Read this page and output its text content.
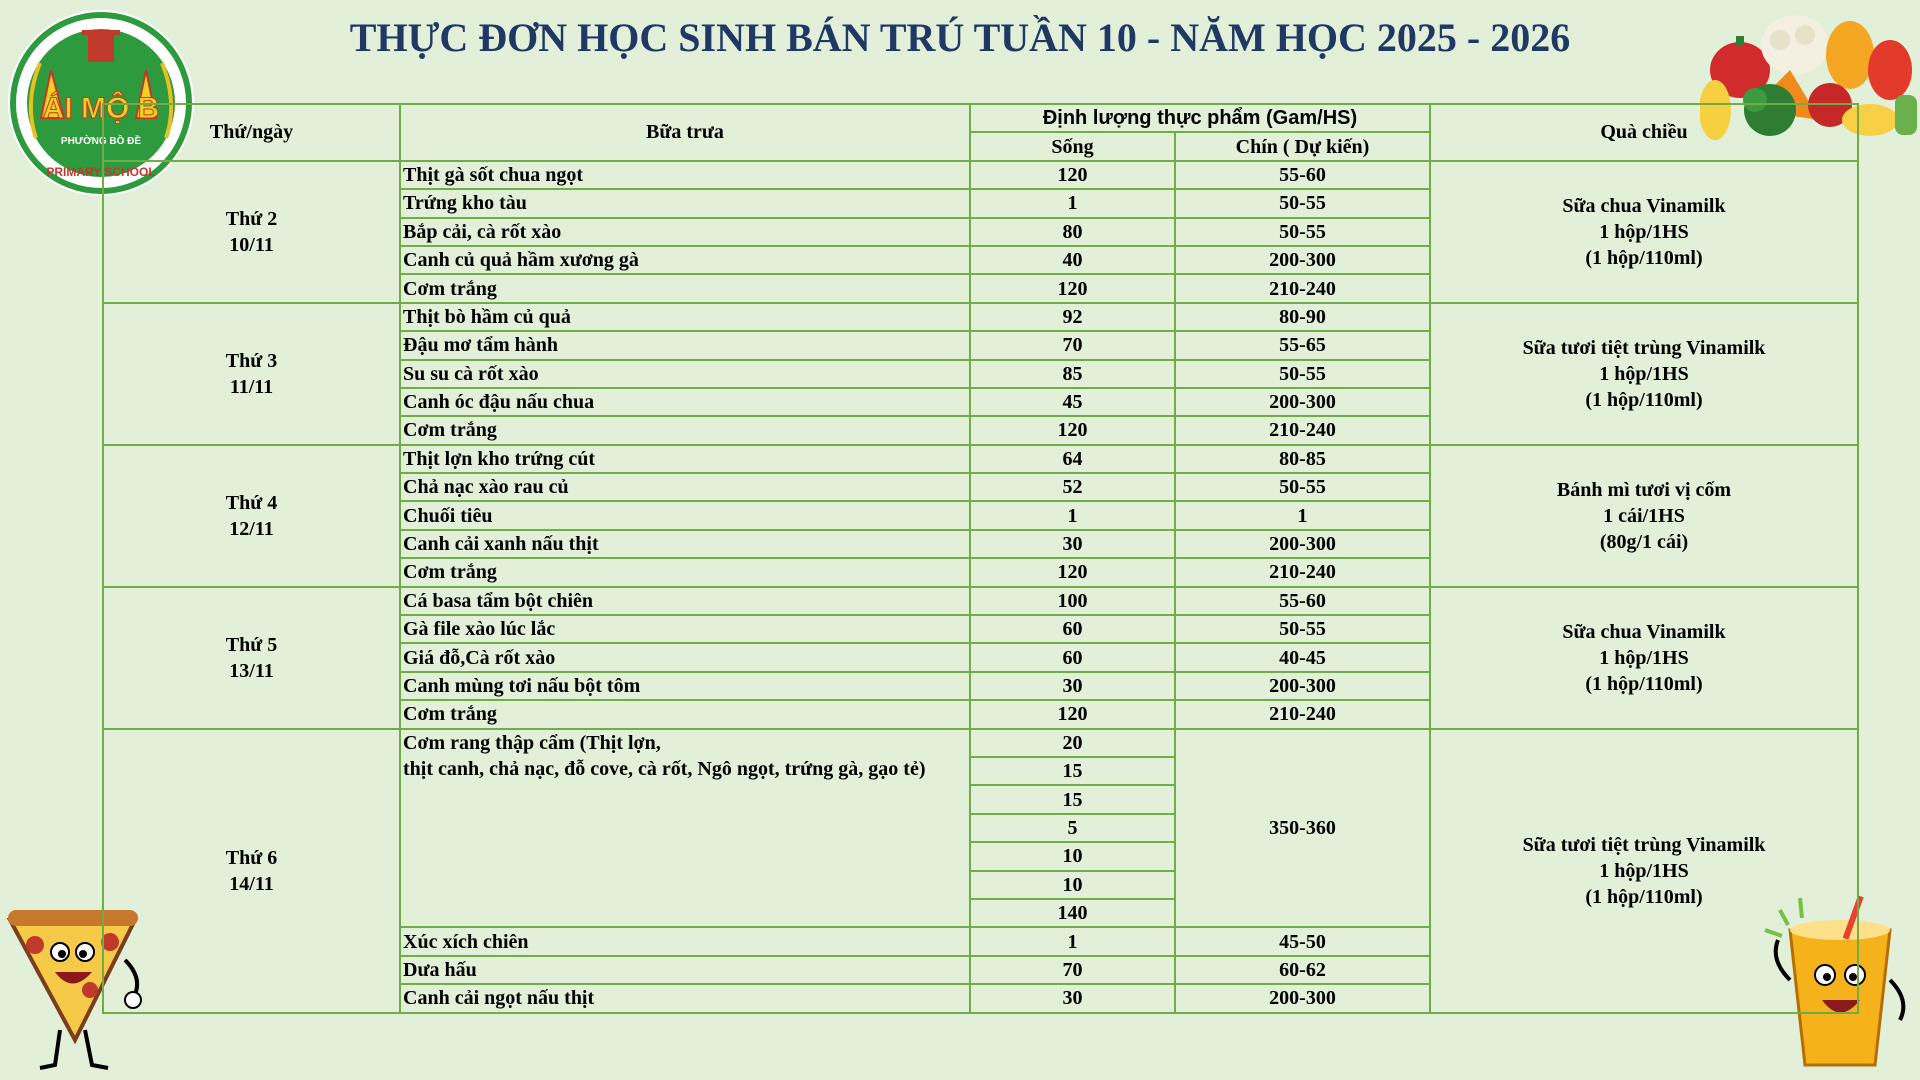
THỰC ĐƠN HỌC SINH BÁN TRÚ TUẦN 10 - NĂM HỌC 2025 - 2026
ÁI MỘ B
PHƯỜNG BỒ ĐỀ
PRIMARY SCHOOL
Thứ/ngày	Bữa trưa	Định lượng thực phẩm (Gam/HS)		Quà chiều
		Sống	Chín ( Dự kiến)	

Thứ 2
10/11	Thịt gà sốt chua ngọt	120	55-60	Sữa chua Vinamilk
1 hộp/1HS
(1 hộp/110ml)

	Trứng kho tàu	1	50-55	
	Bắp cải, cà rốt xào	80	50-55	
	Canh củ quả hầm xương gà	40	200-300	
	Cơm trắng	120	210-240	

Thứ 3
11/11	Thịt bò hầm củ quả	92	80-90	Sữa tươi tiệt trùng Vinamilk
1 hộp/1HS
(1 hộp/110ml)

	Đậu mơ tẩm hành	70	55-65	
	Su su cà rốt xào	85	50-55	
	Canh óc đậu nấu chua	45	200-300	
	Cơm trắng	120	210-240	

Thứ 4
12/11	Thịt lợn kho trứng cút	64	80-85	Bánh mì tươi vị cốm
1 cái/1HS
(80g/1 cái)

	Chả nạc xào rau củ	52	50-55	
	Chuối tiêu	1	1	
	Canh cải xanh nấu thịt	30	200-300	
	Cơm trắng	120	210-240	

Thứ 5
13/11	Cá basa tẩm bột chiên	100	55-60	Sữa chua Vinamilk
1 hộp/1HS
(1 hộp/110ml)

	Gà file xào lúc lắc	60	50-55	
	Giá đỗ,Cà rốt xào	60	40-45	
	Canh mùng tơi nấu bột tôm	30	200-300	
	Cơm trắng	120	210-240	

Thứ 6
14/11	Cơm rang thập cẩm (Thịt lợn,
thịt canh, chả nạc, đỗ cove, cà rốt, Ngô ngọt, trứng gà, gạo tẻ)	20	350-360	Sữa tươi tiệt trùng Vinamilk
1 hộp/1HS
(1 hộp/110ml)

		15		
		15		
		5		
		10		
		10		
		140		
	Xúc xích chiên	1	45-50	
	Dưa hấu	70	60-62	
	Canh cải ngọt nấu thịt	30	200-300	
